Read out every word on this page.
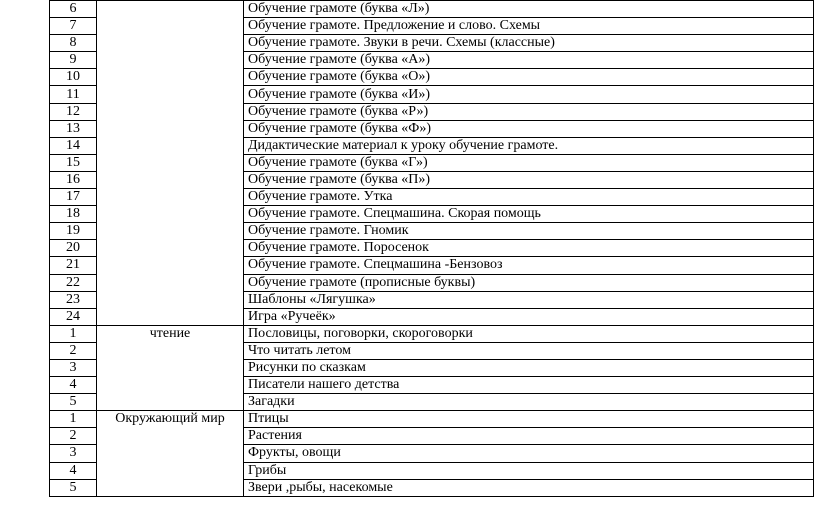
6		Обучение грамоте (буква «Л»)
7		Обучение грамоте. Предложение и слово. Схемы
8		Обучение грамоте. Звуки в речи. Схемы (классные)
9		Обучение грамоте (буква «А»)
10		Обучение грамоте (буква «О»)
11		Обучение грамоте (буква «И»)
12		Обучение грамоте (буква «Р»)
13		Обучение грамоте (буква «Ф»)
14		Дидактические материал к уроку обучение грамоте.
15		Обучение грамоте (буква «Г»)
16		Обучение грамоте (буква «П»)
17		Обучение грамоте. Утка
18		Обучение грамоте. Спецмашина. Скорая помощь
19		Обучение грамоте. Гномик
20		Обучение грамоте. Поросенок
21		Обучение грамоте. Спецмашина -Бензовоз
22		Обучение грамоте (прописные буквы)
23		Шаблоны «Лягушка»
24		Игра «Ручеёк»
1	чтение	Пословицы, поговорки, скороговорки
2		Что читать летом
3		Рисунки по сказкам
4		Писатели нашего детства
5		Загадки
1	Окружающий мир	Птицы
2		Растения
3		Фрукты, овощи
4		Грибы
5		Звери ,рыбы, насекомые
